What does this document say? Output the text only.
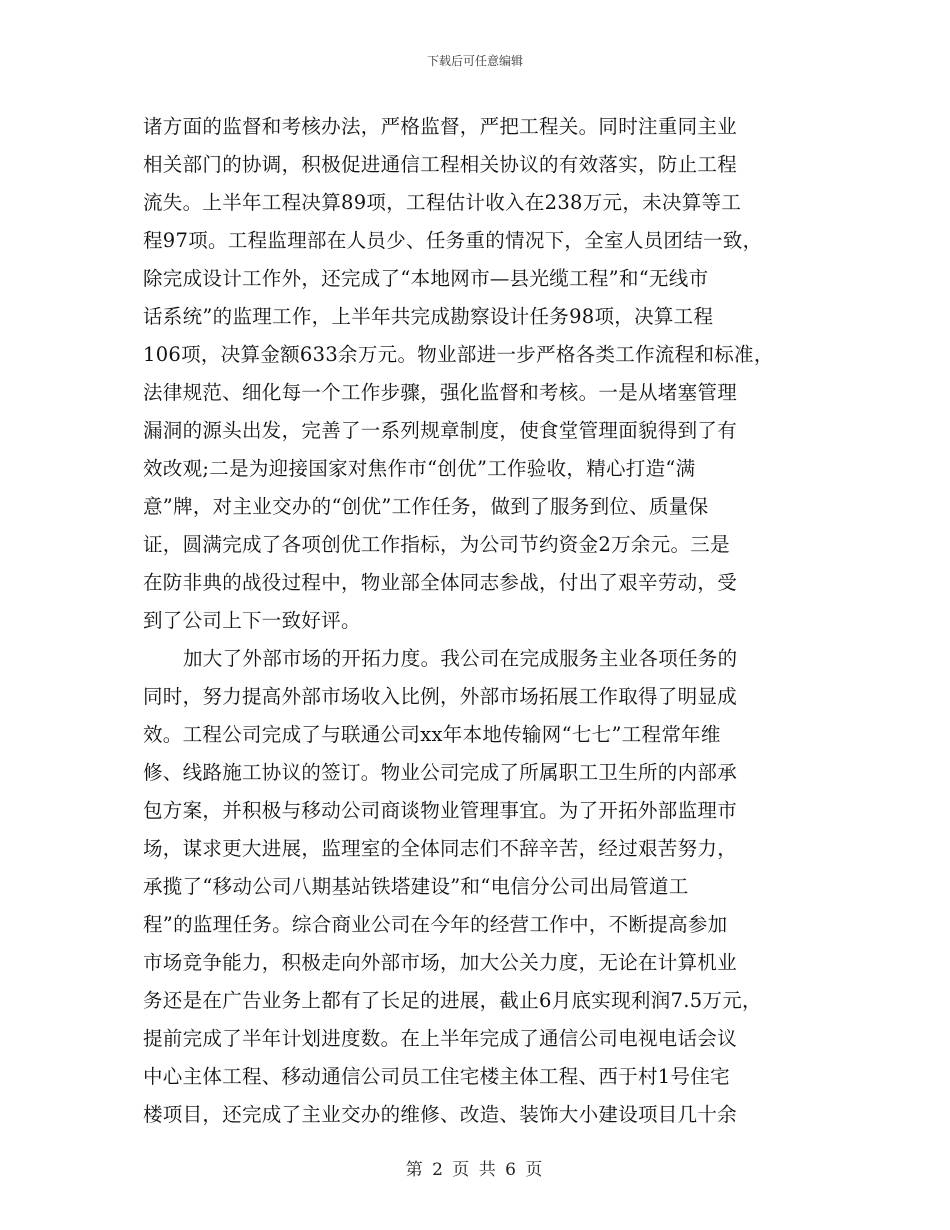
下载后可任意编辑
诸方面的监督和考核办法，严格监督，严把工程关。同时注重同主业
相关部门的协调，积极促进通信工程相关协议的有效落实，防止工程
流失。上半年工程决算89项，工程估计收入在238万元，未决算等工
程97项。工程监理部在人员少、任务重的情况下，全室人员团结一致，
除完成设计工作外，还完成了“本地网市—县光缆工程”和“无线市
话系统”的监理工作，上半年共完成勘察设计任务98项，决算工程
106项，决算金额633余万元。物业部进一步严格各类工作流程和标准，
法律规范、细化每一个工作步骤，强化监督和考核。一是从堵塞管理
漏洞的源头出发，完善了一系列规章制度，使食堂管理面貌得到了有
效改观;二是为迎接国家对焦作市“创优”工作验收，精心打造“满
意”牌，对主业交办的“创优”工作任务，做到了服务到位、质量保
证，圆满完成了各项创优工作指标，为公司节约资金2万余元。三是
在防非典的战役过程中，物业部全体同志参战，付出了艰辛劳动，受
到了公司上下一致好评。
加大了外部市场的开拓力度。我公司在完成服务主业各项任务的
同时，努力提高外部市场收入比例，外部市场拓展工作取得了明显成
效。工程公司完成了与联通公司xx年本地传输网“七七”工程常年维
修、线路施工协议的签订。物业公司完成了所属职工卫生所的内部承
包方案，并积极与移动公司商谈物业管理事宜。为了开拓外部监理市
场，谋求更大进展，监理室的全体同志们不辞辛苦，经过艰苦努力，
承揽了“移动公司八期基站铁塔建设”和“电信分公司出局管道工
程”的监理任务。综合商业公司在今年的经营工作中，不断提高参加
市场竞争能力，积极走向外部市场，加大公关力度，无论在计算机业
务还是在广告业务上都有了长足的进展，截止6月底实现利润7.5万元，
提前完成了半年计划进度数。在上半年完成了通信公司电视电话会议
中心主体工程、移动通信公司员工住宅楼主体工程、西于村1号住宅
楼项目，还完成了主业交办的维修、改造、装饰大小建设项目几十余
第 2 页 共 6 页
